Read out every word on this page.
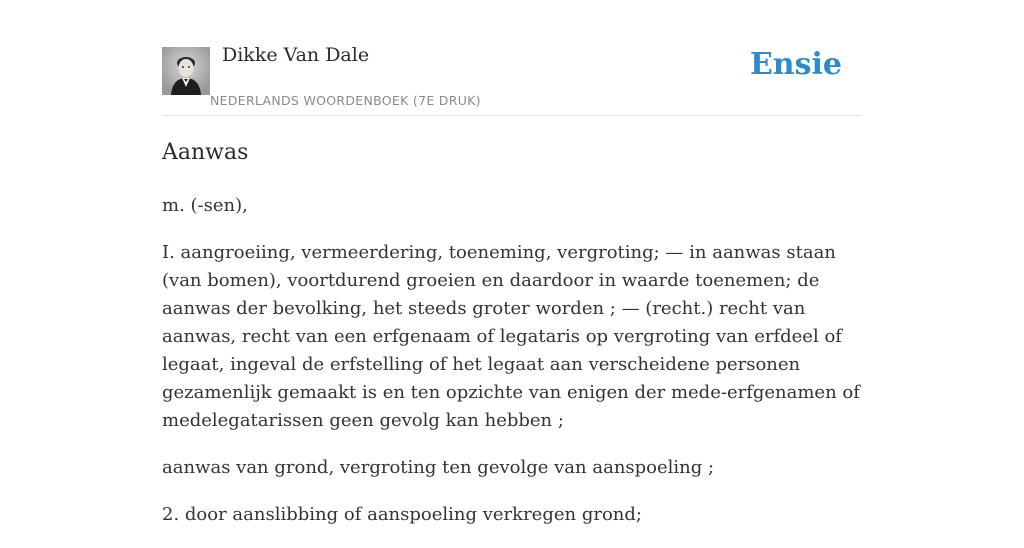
Dikke Van Dale
NEDERLANDS WOORDENBOEK (7E DRUK)
Ensie
Aanwas

m. (-sen),

I. aangroeiing, vermeerdering, toeneming, vergroting; — in aanwas staan (van bomen), voortdurend groeien en daardoor in waarde toenemen; de aanwas der bevolking, het steeds groter worden ; — (recht.) recht van aanwas, recht van een erfgenaam of legataris op vergroting van erfdeel of legaat, ingeval de erfstelling of het legaat aan verscheidene personen gezamenlijk gemaakt is en ten opzichte van enigen der mede-erfgenamen of medelegatarissen geen gevolg kan hebben ;

aanwas van grond, vergroting ten gevolge van aanspoeling ;

2. door aanslibbing of aanspoeling verkregen grond;
